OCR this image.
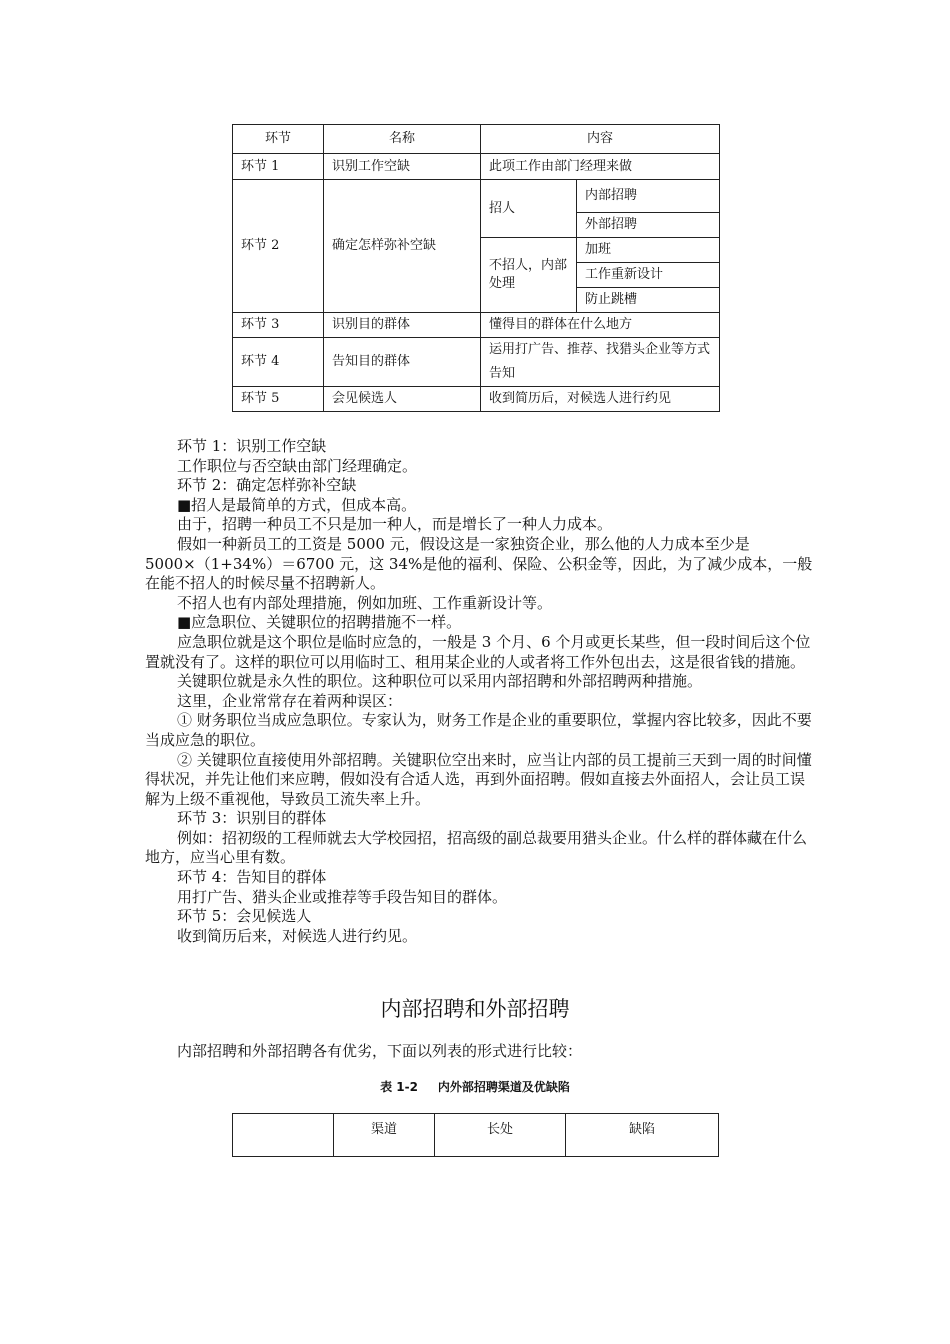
环节	名称	内容	
环节 1	识别工作空缺	此项工作由部门经理来做	
环节 2	确定怎样弥补空缺	招人	内部招聘
			外部招聘
		不招人，内部处理	加班
			工作重新设计
			防止跳槽
环节 3	识别目的群体	懂得目的群体在什么地方	
环节 4	告知目的群体	运用打广告、推荐、找猎头企业等方式告知	
环节 5	会见候选人	收到简历后，对候选人进行约见	

环节 1：识别工作空缺

工作职位与否空缺由部门经理确定。

环节 2：确定怎样弥补空缺

■招人是最简单的方式，但成本高。

由于，招聘一种员工不只是加一种人，而是增长了一种人力成本。

假如一种新员工的工资是 5000 元，假设这是一家独资企业，那么他的人力成本至少是

5000×（1+34%）＝6700 元，这 34%是他的福利、保险、公积金等，因此，为了减少成本，一般在能不招人的时候尽量不招聘新人。

不招人也有内部处理措施，例如加班、工作重新设计等。

■应急职位、关键职位的招聘措施不一样。

应急职位就是这个职位是临时应急的，一般是 3 个月、6 个月或更长某些，但一段时间后这个位置就没有了。这样的职位可以用临时工、租用某企业的人或者将工作外包出去，这是很省钱的措施。

关键职位就是永久性的职位。这种职位可以采用内部招聘和外部招聘两种措施。

这里，企业常常存在着两种误区：

① 财务职位当成应急职位。专家认为，财务工作是企业的重要职位，掌握内容比较多，因此不要当成应急的职位。

② 关键职位直接使用外部招聘。关键职位空出来时，应当让内部的员工提前三天到一周的时间懂得状况，并先让他们来应聘，假如没有合适人选，再到外面招聘。假如直接去外面招人，会让员工误解为上级不重视他，导致员工流失率上升。

环节 3：识别目的群体

例如：招初级的工程师就去大学校园招，招高级的副总裁要用猎头企业。什么样的群体藏在什么地方，应当心里有数。

环节 4：告知目的群体

用打广告、猎头企业或推荐等手段告知目的群体。

环节 5：会见候选人

收到简历后来，对候选人进行约见。

内部招聘和外部招聘
内部招聘和外部招聘各有优劣，下面以列表的形式进行比较：
表 1-2 内外部招聘渠道及优缺陷
	渠道	长处	缺陷
